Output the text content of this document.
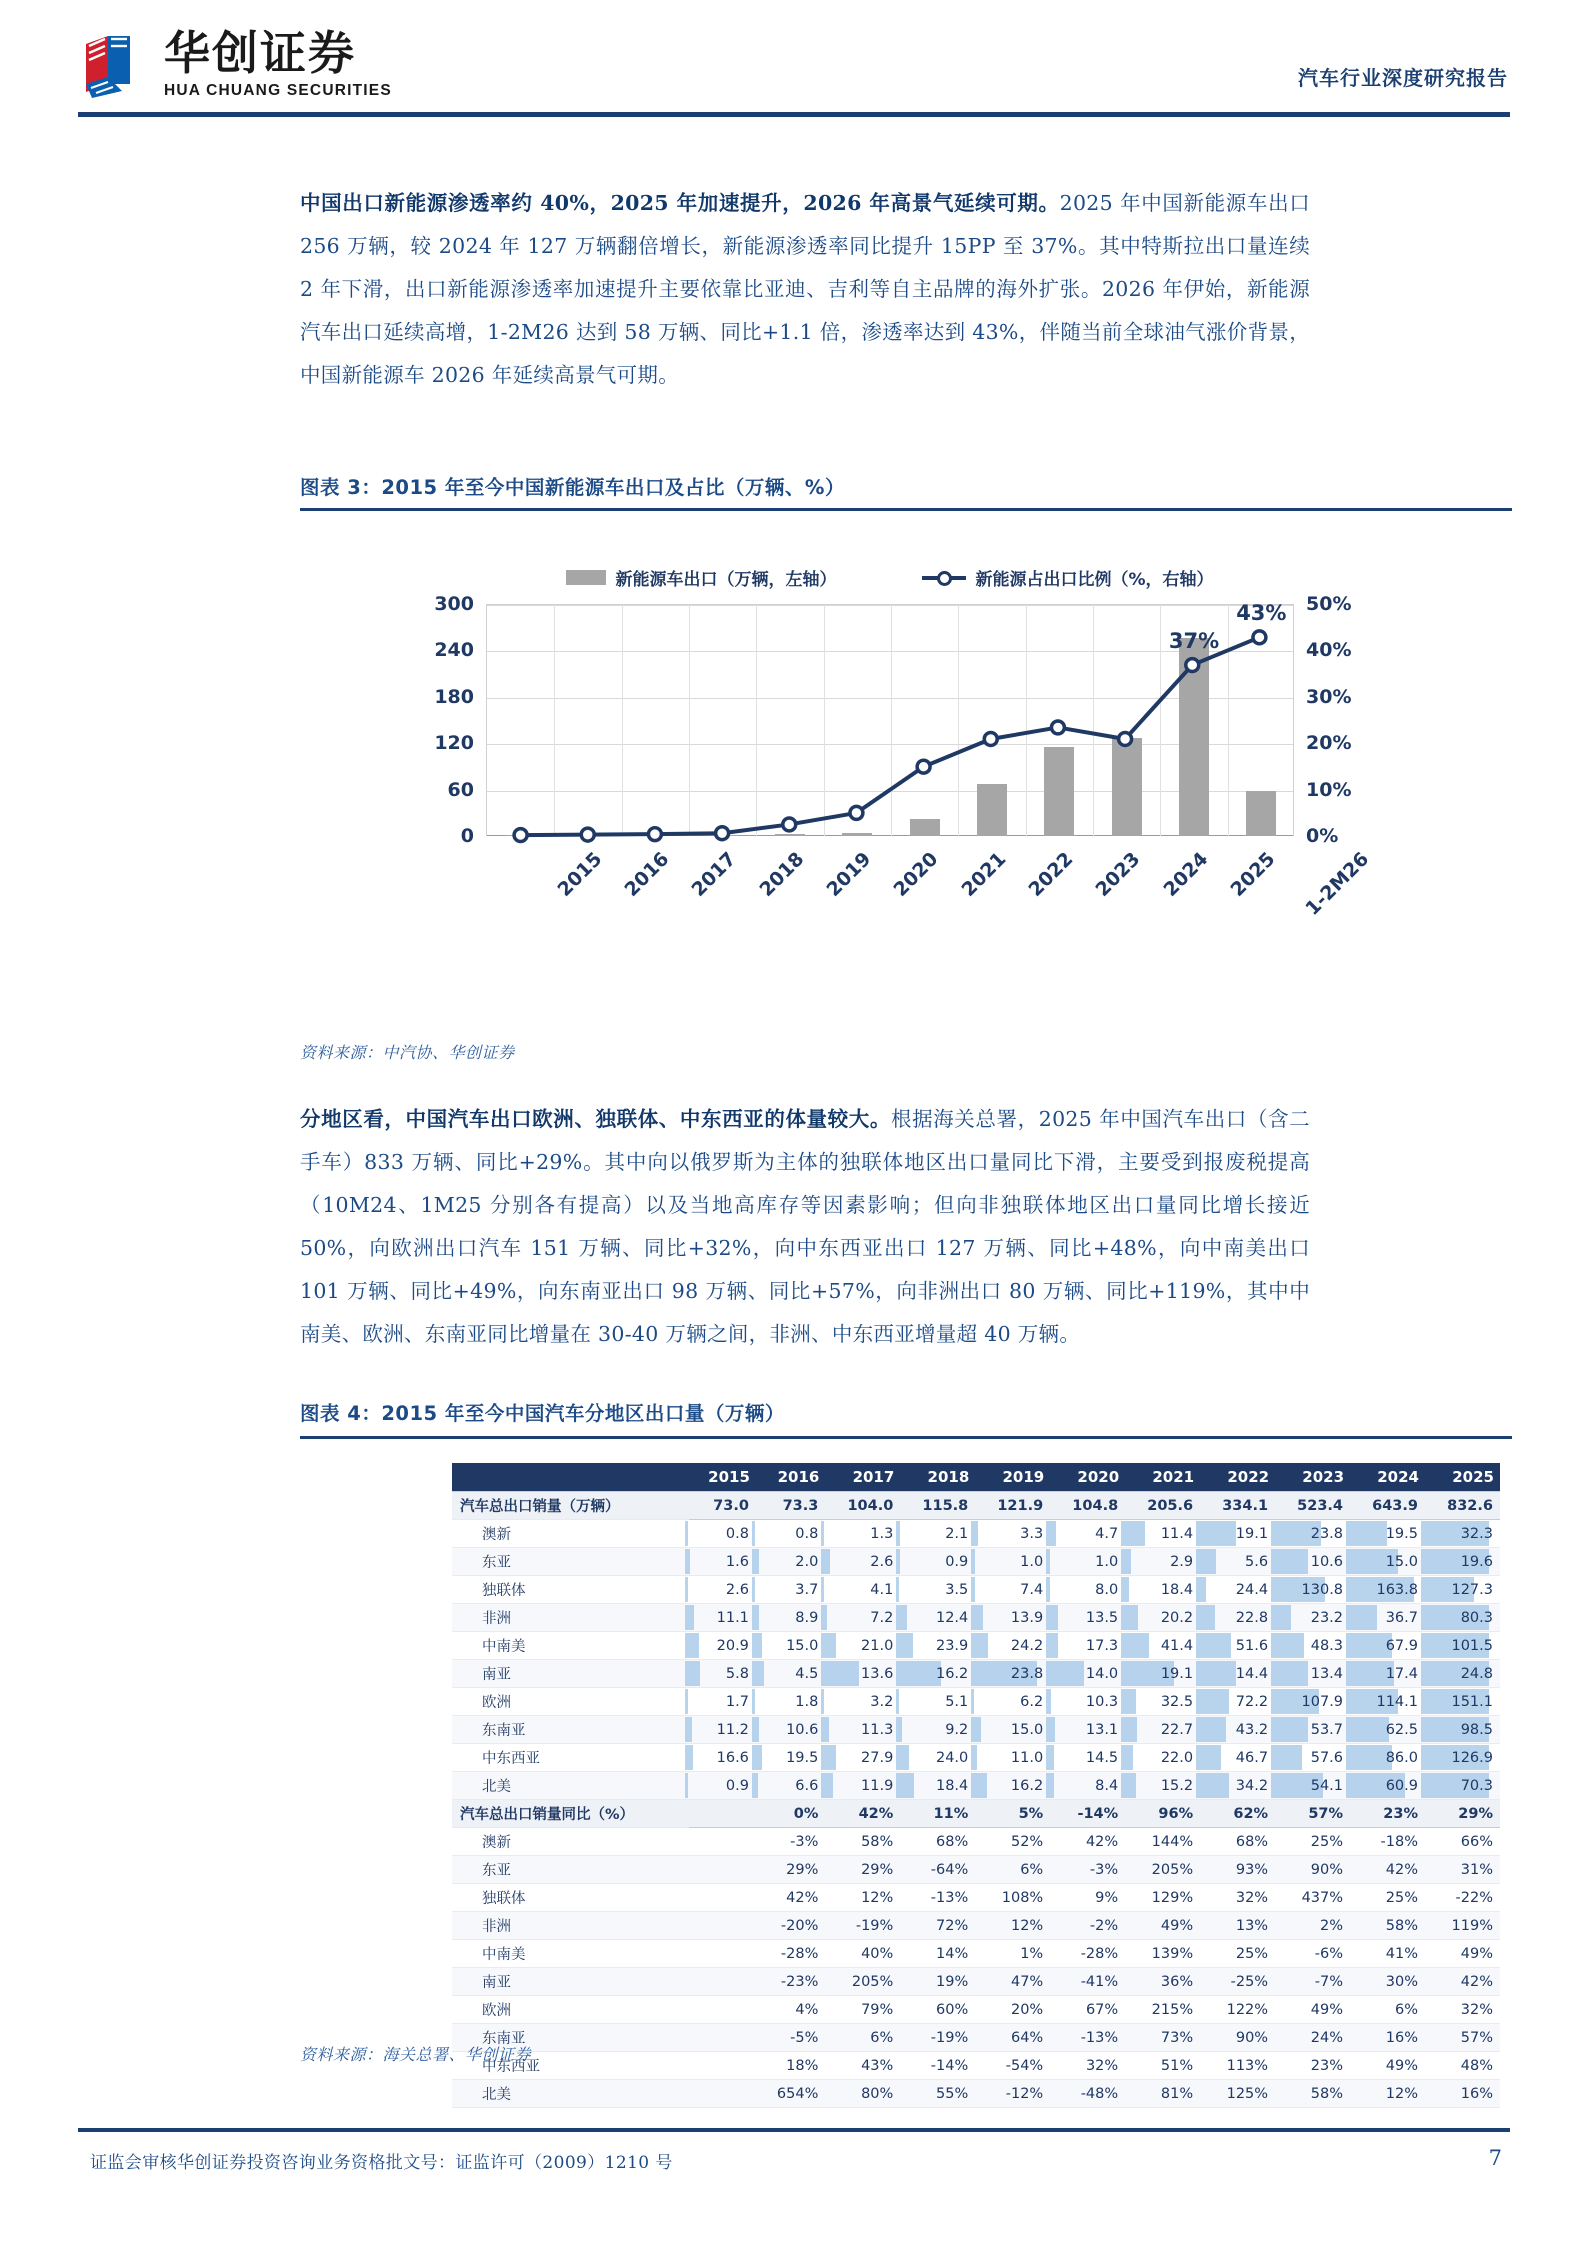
华创证券
HUA CHUANG SECURITIES
汽车行业深度研究报告
中国出口新能源渗透率约 40%，2025 年加速提升，2026 年高景气延续可期。2025 年中国新能源车出口 256 万辆，较 2024 年 127 万辆翻倍增长，新能源渗透率同比提升 15PP 至 37%。其中特斯拉出口量连续 2 年下滑，出口新能源渗透率加速提升主要依靠比亚迪、吉利等自主品牌的海外扩张。2026 年伊始，新能源汽车出口延续高增，1-2M26 达到 58 万辆、同比+1.1 倍，渗透率达到 43%，伴随当前全球油气涨价背景，中国新能源车 2026 年延续高景气可期。
图表 3：2015 年至今中国新能源车出口及占比（万辆、%）
新能源车出口（万辆，左轴）	新能源占出口比例（%，右轴）
0
60
120
180
240
300
0%
10%
20%
30%
40%
50%
37%
43%
2015 2016 2017 2018 2019 2020 2021 2022 2023 2024 2025 1-2M26
资料来源：中汽协、华创证券
分地区看，中国汽车出口欧洲、独联体、中东西亚的体量较大。根据海关总署，2025 年中国汽车出口（含二手车）833 万辆、同比+29%。其中向以俄罗斯为主体的独联体地区出口量同比下滑，主要受到报废税提高（10M24、1M25 分别各有提高）以及当地高库存等因素影响；但向非独联体地区出口量同比增长接近 50%，向欧洲出口汽车 151 万辆、同比+32%，向中东西亚出口 127 万辆、同比+48%，向中南美出口 101 万辆、同比+49%，向东南亚出口 98 万辆、同比+57%，向非洲出口 80 万辆、同比+119%，其中中南美、欧洲、东南亚同比增量在 30-40 万辆之间，非洲、中东西亚增量超 40 万辆。
图表 4：2015 年至今中国汽车分地区出口量（万辆）
	2015	2016	2017	2018	2019	2020	2021	2022	2023	2024	2025
汽车总出口销量（万辆）	73.0	73.3	104.0	115.8	121.9	104.8	205.6	334.1	523.4	643.9	832.6
澳新	0.8	0.8	1.3	2.1	3.3	4.7	11.4	19.1	23.8	19.5	32.3
东亚	1.6	2.0	2.6	0.9	1.0	1.0	2.9	5.6	10.6	15.0	19.6
独联体	2.6	3.7	4.1	3.5	7.4	8.0	18.4	24.4	130.8	163.8	127.3
非洲	11.1	8.9	7.2	12.4	13.9	13.5	20.2	22.8	23.2	36.7	80.3
中南美	20.9	15.0	21.0	23.9	24.2	17.3	41.4	51.6	48.3	67.9	101.5
南亚	5.8	4.5	13.6	16.2	23.8	14.0	19.1	14.4	13.4	17.4	24.8
欧洲	1.7	1.8	3.2	5.1	6.2	10.3	32.5	72.2	107.9	114.1	151.1
东南亚	11.2	10.6	11.3	9.2	15.0	13.1	22.7	43.2	53.7	62.5	98.5
中东西亚	16.6	19.5	27.9	24.0	11.0	14.5	22.0	46.7	57.6	86.0	126.9
北美	0.9	6.6	11.9	18.4	16.2	8.4	15.2	34.2	54.1	60.9	70.3
汽车总出口销量同比（%）		0%	42%	11%	5%	-14%	96%	62%	57%	23%	29%
澳新		-3%	58%	68%	52%	42%	144%	68%	25%	-18%	66%
东亚		29%	29%	-64%	6%	-3%	205%	93%	90%	42%	31%
独联体		42%	12%	-13%	108%	9%	129%	32%	437%	25%	-22%
非洲		-20%	-19%	72%	12%	-2%	49%	13%	2%	58%	119%
中南美		-28%	40%	14%	1%	-28%	139%	25%	-6%	41%	49%
南亚		-23%	205%	19%	47%	-41%	36%	-25%	-7%	30%	42%
欧洲		4%	79%	60%	20%	67%	215%	122%	49%	6%	32%
东南亚		-5%	6%	-19%	64%	-13%	73%	90%	24%	16%	57%
中东西亚		18%	43%	-14%	-54%	32%	51%	113%	23%	49%	48%
北美		654%	80%	55%	-12%	-48%	81%	125%	58%	12%	16%
资料来源：海关总署、华创证券
证监会审核华创证券投资咨询业务资格批文号：证监许可（2009）1210 号	7
